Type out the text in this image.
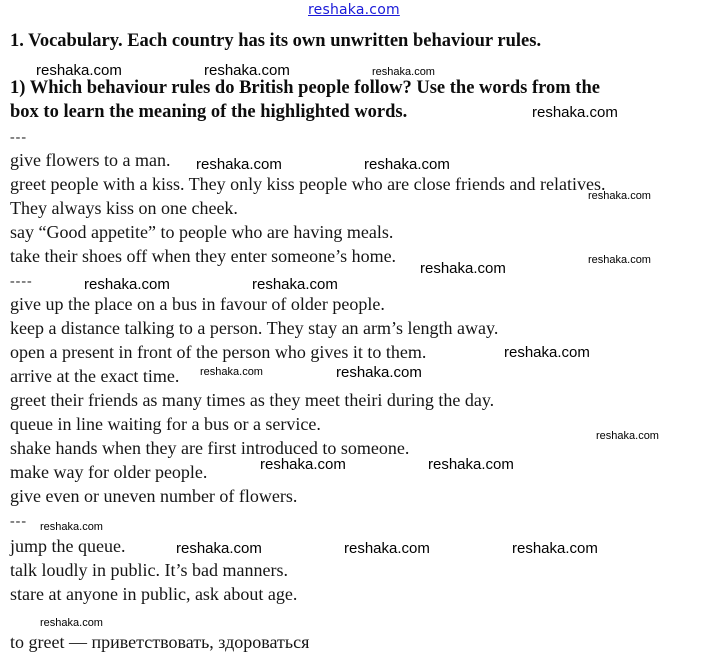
reshaka.com
1. Vocabulary. Each country has its own unwritten behaviour rules.
1) Which behaviour rules do British people follow? Use the words from the
box to learn the meaning of the highlighted words.
---
give flowers to a man.
greet people with a kiss. They only kiss people who are close friends and relatives.
They always kiss on one cheek.
say “Good appetite” to people who are having meals.
take their shoes off when they enter someone’s home.
----
give up the place on a bus in favour of older people.
keep a distance talking to a person. They stay an arm’s length away.
open a present in front of the person who gives it to them.
arrive at the exact time.
greet their friends as many times as they meet theiri during the day.
queue in line waiting for a bus or a service.
shake hands when they are first introduced to someone.
make way for older people.
give even or uneven number of flowers.
---
jump the queue.
talk loudly in public. It’s bad manners.
stare at anyone in public, ask about age.
to greet — приветствовать, здороваться
reshaka.com	reshaka.com	reshaka.com
reshaka.com
reshaka.com	reshaka.com
reshaka.com
reshaka.com	reshaka.com
reshaka.com	reshaka.com
reshaka.com
reshaka.com	reshaka.com
reshaka.com
reshaka.com	reshaka.com
reshaka.com
reshaka.com	reshaka.com	reshaka.com
reshaka.com
